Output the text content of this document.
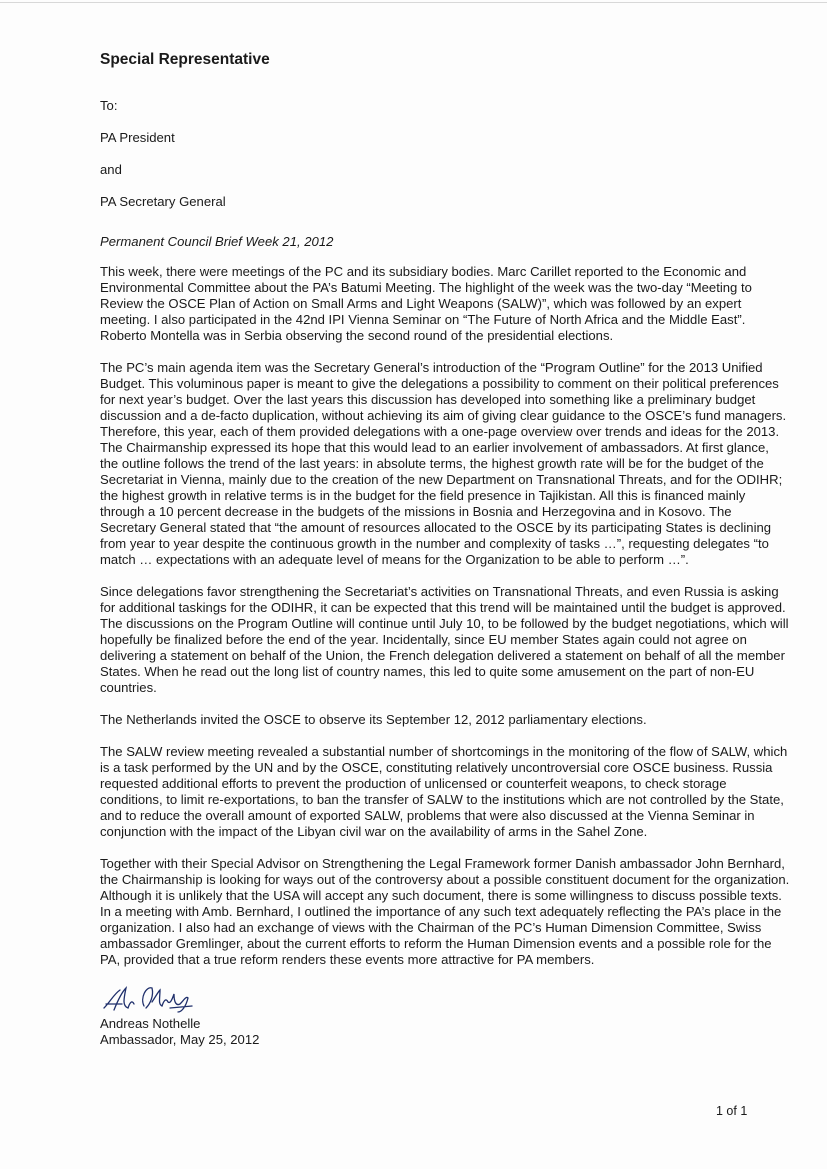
Special Representative
To:
PA President
and
PA Secretary General
Permanent Council Brief Week 21, 2012

This week, there were meetings of the PC and its subsidiary bodies. Marc Carillet reported to the Economic and Environmental Committee about the PA’s Batumi Meeting. The highlight of the week was the two-day “Meeting to Review the OSCE Plan of Action on Small Arms and Light Weapons (SALW)”, which was followed by an expert meeting. I also participated in the 42nd IPI Vienna Seminar on “The Future of North Africa and the Middle East”. Roberto Montella was in Serbia observing the second round of the presidential elections.

The PC’s main agenda item was the Secretary General’s introduction of the “Program Outline” for the 2013 Unified Budget. This voluminous paper is meant to give the delegations a possibility to comment on their political preferences for next year’s budget. Over the last years this discussion has developed into something like a preliminary budget discussion and a de-facto duplication, without achieving its aim of giving clear guidance to the OSCE’s fund managers. Therefore, this year, each of them provided delegations with a one-page overview over trends and ideas for the 2013. The Chairmanship expressed its hope that this would lead to an earlier involvement of ambassadors. At first glance, the outline follows the trend of the last years: in absolute terms, the highest growth rate will be for the budget of the Secretariat in Vienna, mainly due to the creation of the new Department on Transnational Threats, and for the ODIHR; the highest growth in relative terms is in the budget for the field presence in Tajikistan. All this is financed mainly through a 10 percent decrease in the budgets of the missions in Bosnia and Herzegovina and in Kosovo. The Secretary General stated that “the amount of resources allocated to the OSCE by its participating States is declining from year to year despite the continuous growth in the number and complexity of tasks …”, requesting delegates “to match … expectations with an adequate level of means for the Organization to be able to perform …”.

Since delegations favor strengthening the Secretariat’s activities on Transnational Threats, and even Russia is asking for additional taskings for the ODIHR, it can be expected that this trend will be maintained until the budget is approved. The discussions on the Program Outline will continue until July 10, to be followed by the budget negotiations, which will hopefully be finalized before the end of the year. Incidentally, since EU member States again could not agree on delivering a statement on behalf of the Union, the French delegation delivered a statement on behalf of all the member States. When he read out the long list of country names, this led to quite some amusement on the part of non-EU countries.

The Netherlands invited the OSCE to observe its September 12, 2012 parliamentary elections.

The SALW review meeting revealed a substantial number of shortcomings in the monitoring of the flow of SALW, which is a task performed by the UN and by the OSCE, constituting relatively uncontroversial core OSCE business. Russia requested additional efforts to prevent the production of unlicensed or counterfeit weapons, to check storage conditions, to limit re-exportations, to ban the transfer of SALW to the institutions which are not controlled by the State, and to reduce the overall amount of exported SALW, problems that were also discussed at the Vienna Seminar in conjunction with the impact of the Libyan civil war on the availability of arms in the Sahel Zone.

Together with their Special Advisor on Strengthening the Legal Framework former Danish ambassador John Bernhard, the Chairmanship is looking for ways out of the controversy about a possible constituent document for the organization. Although it is unlikely that the USA will accept any such document, there is some willingness to discuss possible texts. In a meeting with Amb. Bernhard, I outlined the importance of any such text adequately reflecting the PA’s place in the organization. I also had an exchange of views with the Chairman of the PC’s Human Dimension Committee, Swiss ambassador Gremlinger, about the current efforts to reform the Human Dimension events and a possible role for the PA, provided that a true reform renders these events more attractive for PA members.

Andreas Nothelle
Ambassador, May 25, 2012
1 of 1
